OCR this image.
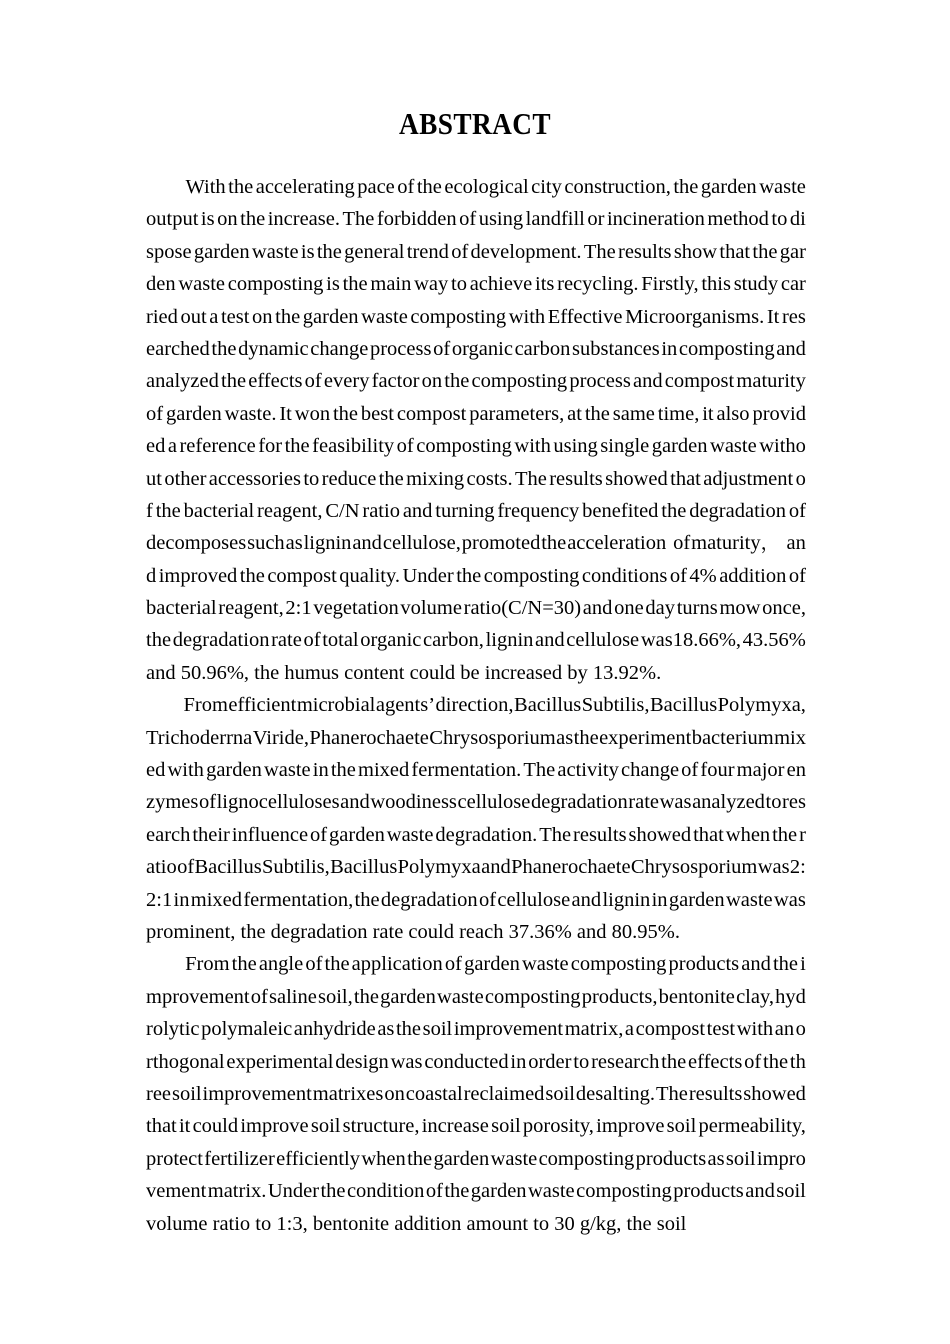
ABSTRACT
With the accelerating pace of the ecological city construction, the garden waste
output is on the increase. The forbidden of using landfill or incineration method to di
spose garden waste is the general trend of development. The results show that the gar
den waste composting is the main way to achieve its recycling. Firstly, this study car
ried out a test on the garden waste composting with Effective Microorganisms. It res
earched the dynamic change process of organic carbon substances in composting and
analyzed the effects of every factor on the composting process and compost maturity
of garden waste. It won the best compost parameters, at the same time, it also provid
ed a reference for the feasibility of composting with using single garden waste witho
ut other accessories to reduce the mixing costs. The results showed that adjustment o
f the bacterial reagent, C/N ratio and turning frequency benefited the degradation of
decomposes such as lignin and cellulose, promoted the acceleration
of maturity，
an
d improved the compost quality. Under the composting conditions of 4% addition of
bacterial reagent, 2:1 vegetation volume ratio(C/N=30) and one day turns mow once,
the degradation rate of total organic carbon, lignin and cellulose was18.66%, 43.56%
and 50.96%, the humus content could be increased by 13.92%.
From efficient microbial agents’ direction, Bacillus Subtilis, Bacillus Polymyxa,
Trichoderrna Viride, Phanerochaete Chrysosporium as the experiment bacterium mix
ed with garden waste in the mixed fermentation. The activity change of four major en
zymes of lignocelluloses and woodiness cellulose degradation rate was analyzed to res
earch their influence of garden waste degradation. The results showed that when the r
atio of Bacillus Subtilis, Bacillus Polymyxa and Phanerochaete Chrysosporium was 2:
2:1 in mixed fermentation, the degradation of cellulose and lignin in garden waste was
prominent, the degradation rate could reach 37.36% and 80.95%.
From the angle of the application of garden waste composting products and the i
mprovement of saline soil, the garden waste composting products, bentonite clay, hyd
rolytic polymaleic anhydride as the soil improvement matrix, a compost test with an o
rthogonal experimental design was conducted in order to research the effects of the th
ree soil improvement matrixes on coastal reclaimed soil desalting. The results showed
that it could improve soil structure, increase soil porosity, improve soil permeability,
protect fertilizer efficiently when the garden waste composting products as soil impro
vement matrix. Under the condition of the garden waste composting products and soil
volume ratio to 1:3, bentonite addition amount to 30 g/kg, the soil
